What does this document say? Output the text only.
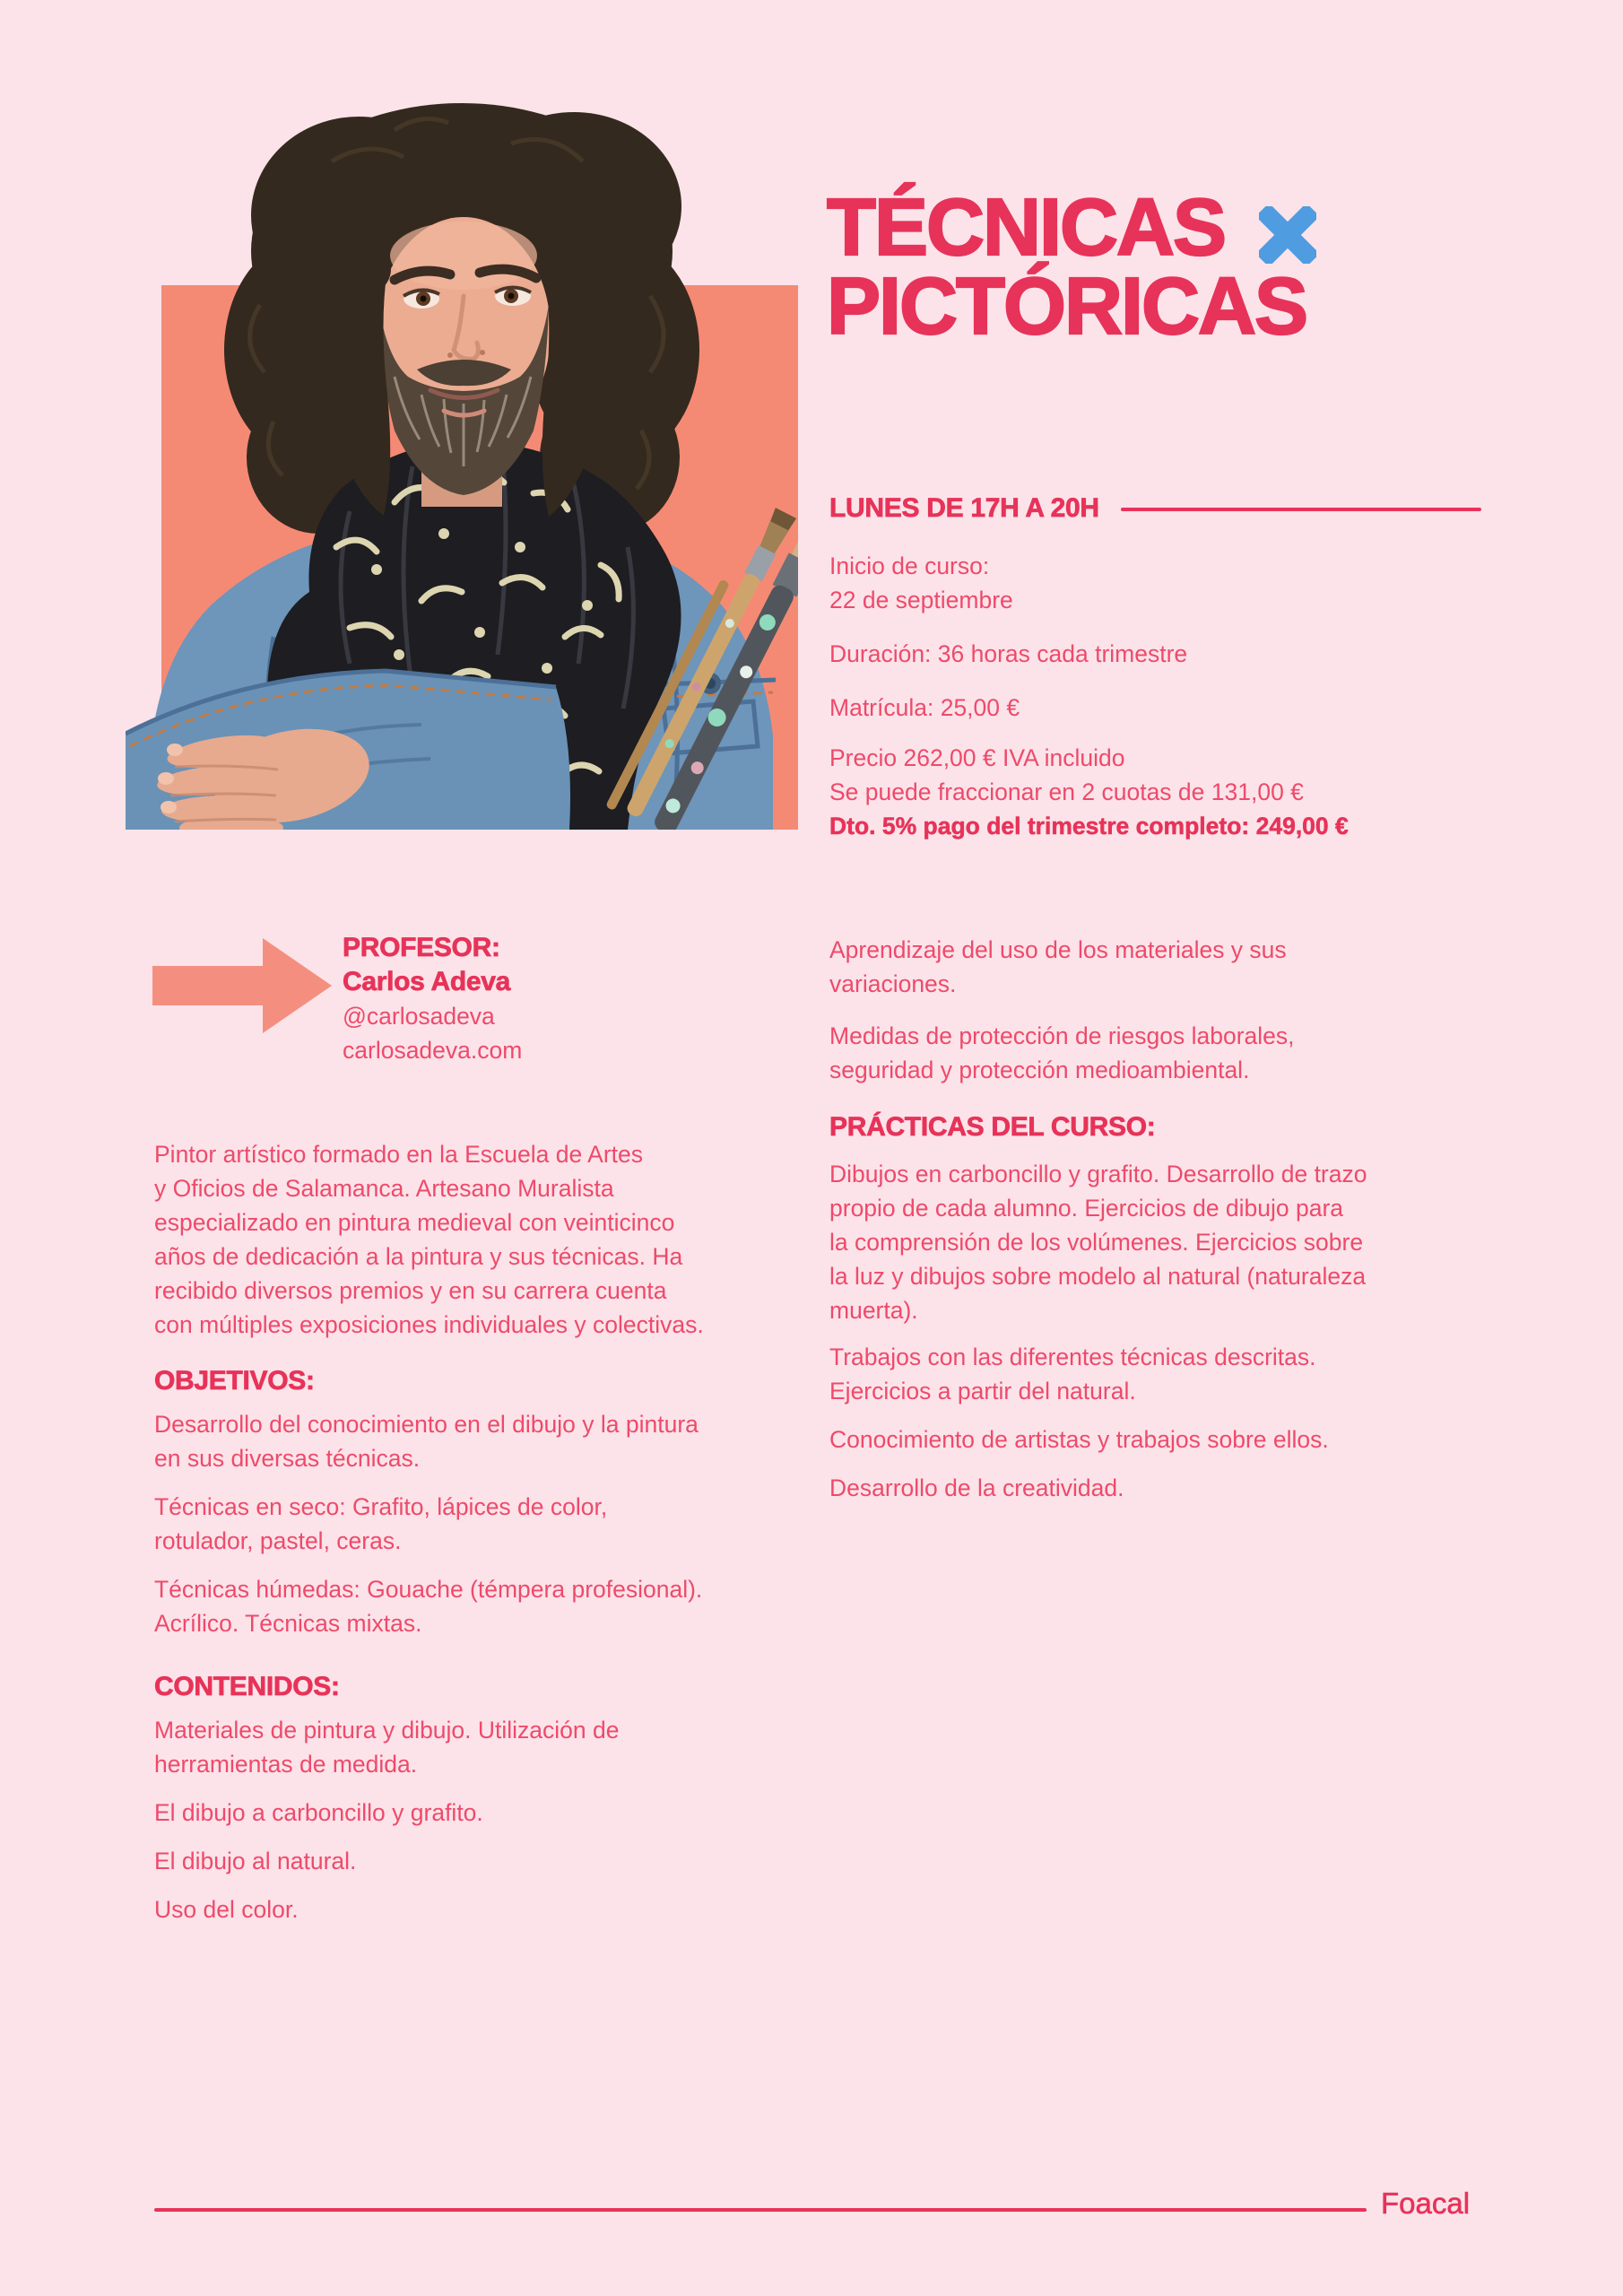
TÉCNICAS
PICTÓRICAS
LUNES DE 17H A 20H
Inicio de curso:
22 de septiembre
Duración: 36 horas cada trimestre
Matrícula: 25,00 €
Precio 262,00 € IVA incluido
Se puede fraccionar en 2 cuotas de 131,00 €
Dto. 5% pago del trimestre completo: 249,00 €
PROFESOR:
Carlos Adeva
@carlosadeva
carlosadeva.com
Pintor artístico formado en la Escuela de Artes
y Oficios de Salamanca. Artesano Muralista
especializado en pintura medieval con veinticinco
años de dedicación a la pintura y sus técnicas. Ha
recibido diversos premios y en su carrera cuenta
con múltiples exposiciones individuales y colectivas.
OBJETIVOS:
Desarrollo del conocimiento en el dibujo y la pintura
en sus diversas técnicas.
Técnicas en seco: Grafito, lápices de color,
rotulador, pastel, ceras.
Técnicas húmedas: Gouache (témpera profesional).
Acrílico. Técnicas mixtas.
CONTENIDOS:
Materiales de pintura y dibujo. Utilización de
herramientas de medida.
El dibujo a carboncillo y grafito.
El dibujo al natural.
Uso del color.
Aprendizaje del uso de los materiales y sus
variaciones.
Medidas de protección de riesgos laborales,
seguridad y protección medioambiental.
PRÁCTICAS DEL CURSO:
Dibujos en carboncillo y grafito. Desarrollo de trazo
propio de cada alumno. Ejercicios de dibujo para
la comprensión de los volúmenes. Ejercicios sobre
la luz y dibujos sobre modelo al natural (naturaleza
muerta).
Trabajos con las diferentes técnicas descritas.
Ejercicios a partir del natural.
Conocimiento de artistas y trabajos sobre ellos.
Desarrollo de la creatividad.
Foacal
